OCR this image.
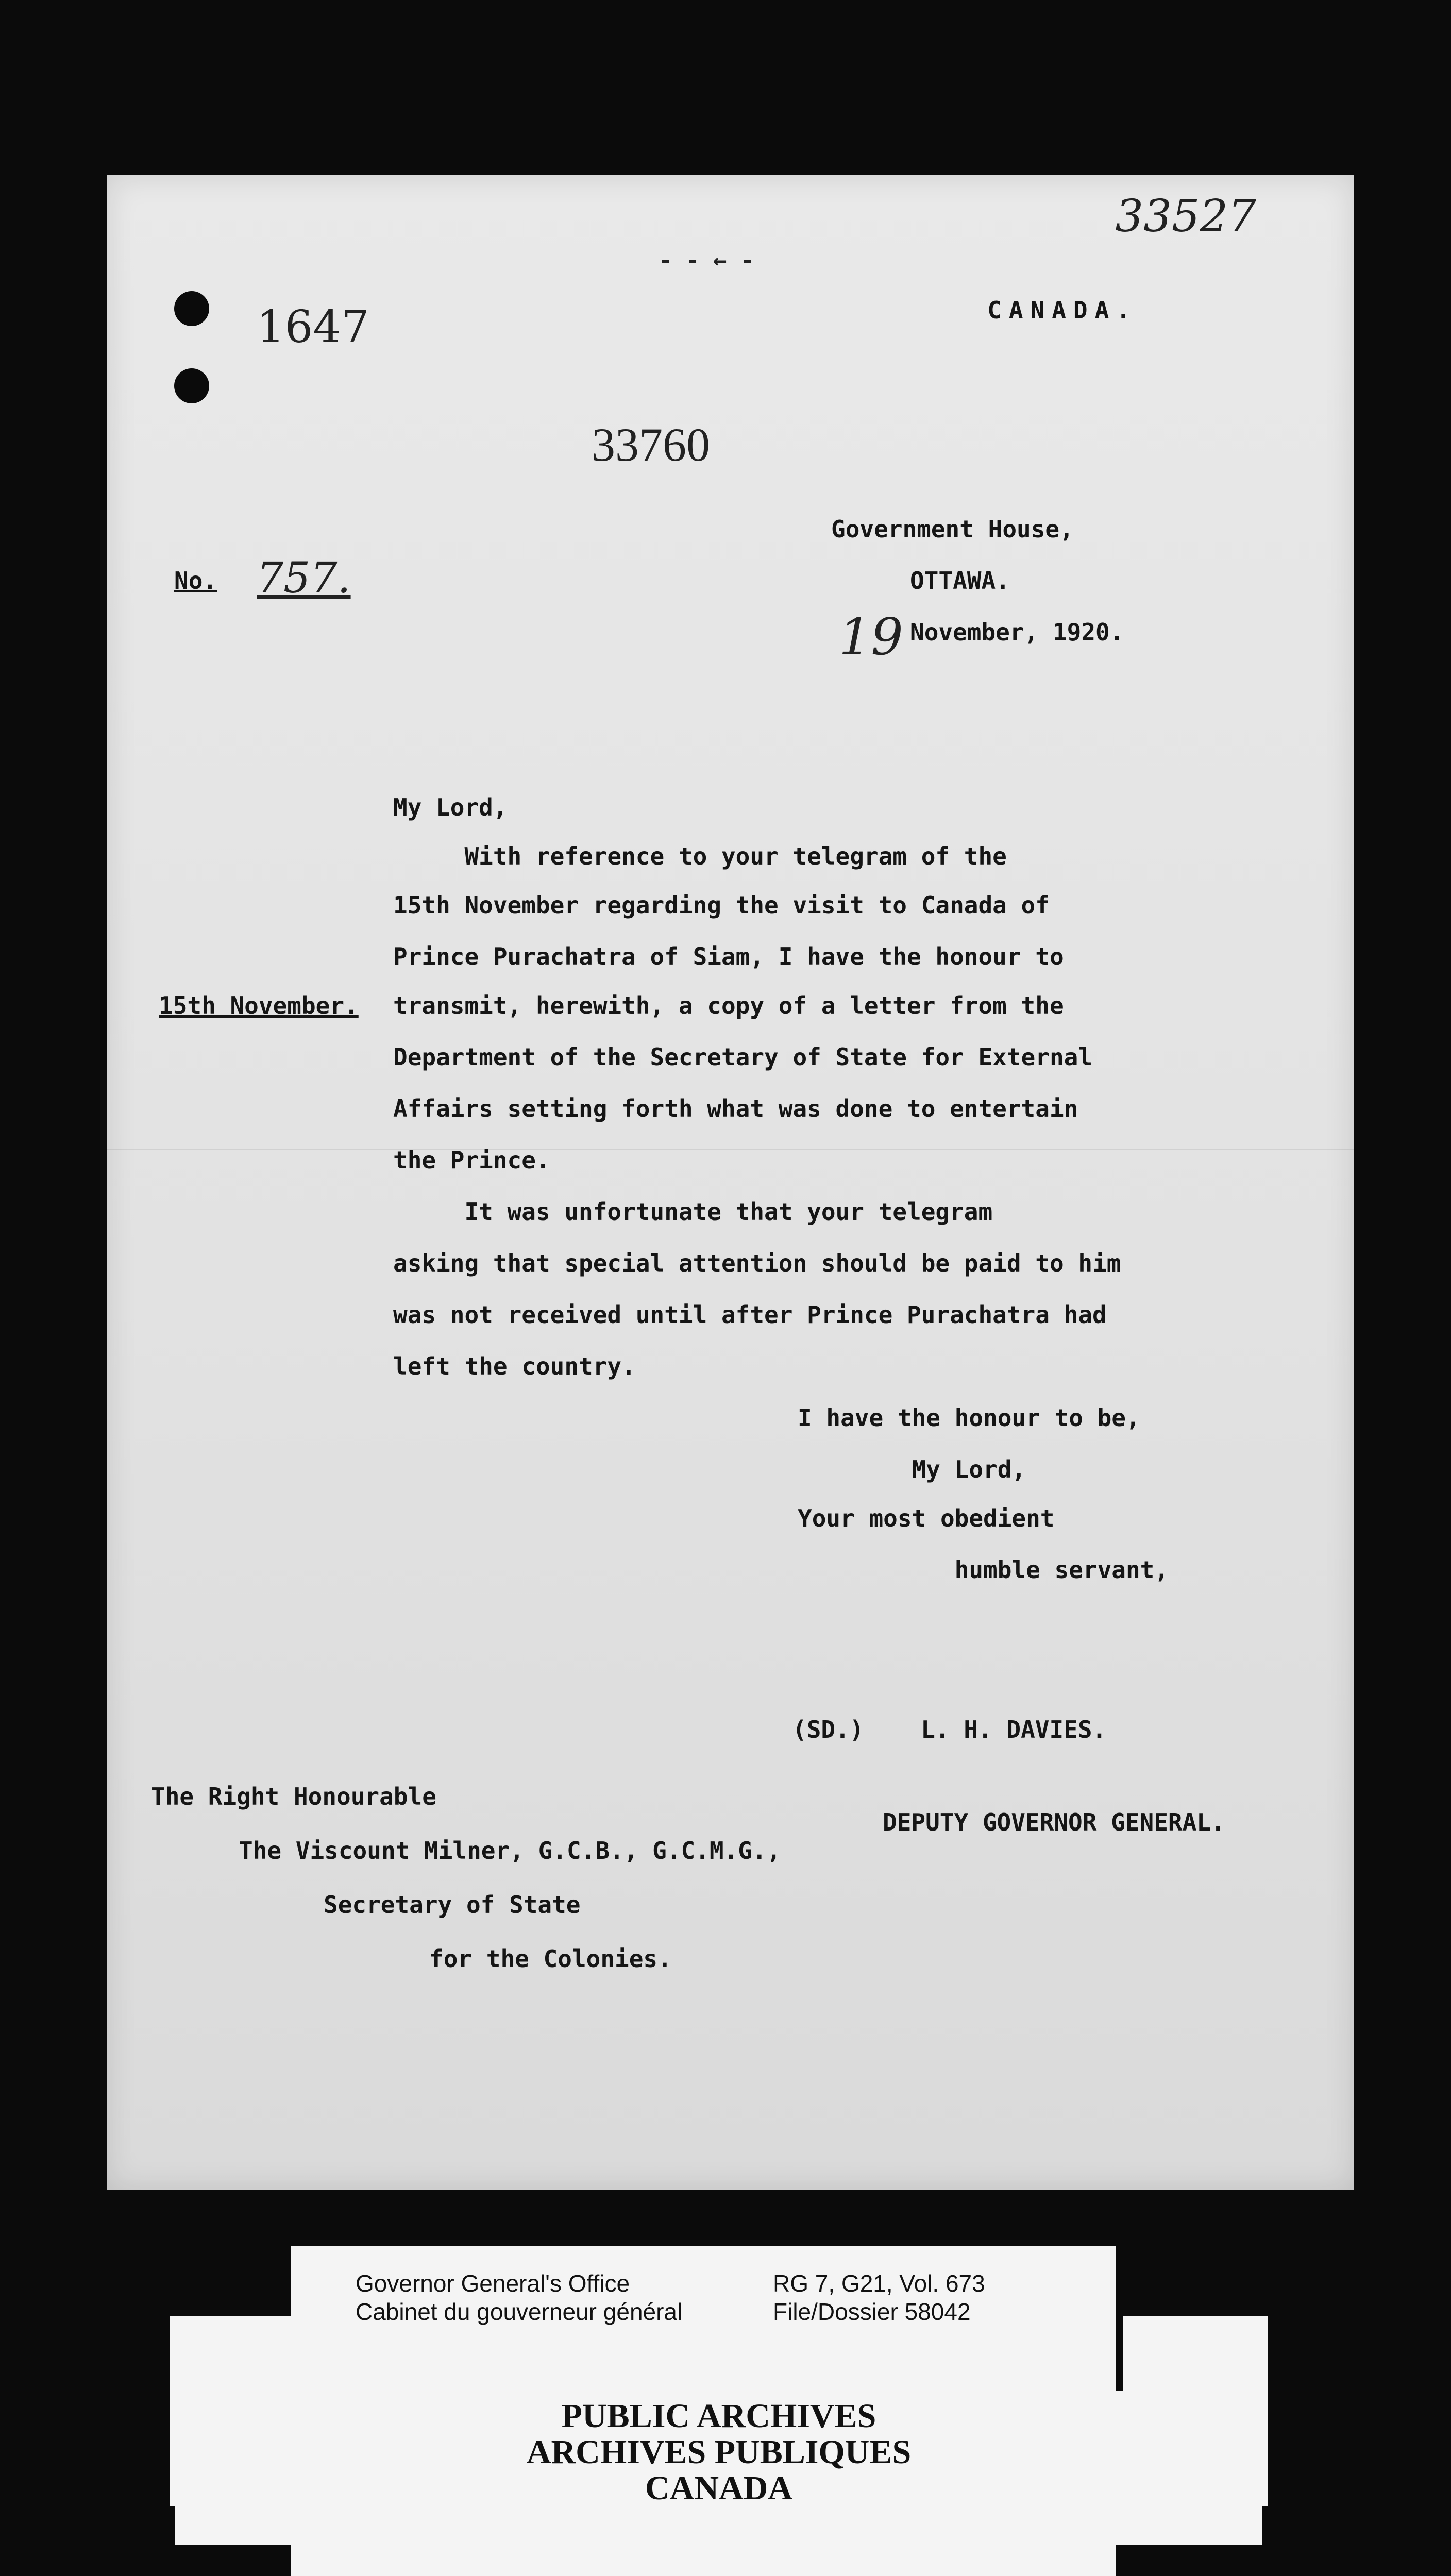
- - ← -
33527
1647
33760
CANADA.
Government House,
OTTAWA.
19 November, 1920.
No. 757.
My Lord,
15th November.
With reference to your telegram of the
15th November regarding the visit to Canada of
Prince Purachatra of Siam, I have the honour to
transmit, herewith, a copy of a letter from the
Department of the Secretary of State for External
Affairs setting forth what was done to entertain
the Prince.
It was unfortunate that your telegram
asking that special attention should be paid to him
was not received until after Prince Purachatra had
left the country.
I have the honour to be,
My Lord,
Your most obedient
humble servant,
(SD.)    L. H. DAVIES.
DEPUTY GOVERNOR GENERAL.
The Right Honourable
The Viscount Milner, G.C.B., G.C.M.G.,
Secretary of State
for the Colonies.
Governor General's Office
Cabinet du gouverneur général
RG 7, G21, Vol. 673
File/Dossier 58042
PUBLIC ARCHIVES
ARCHIVES PUBLIQUES
CANADA
